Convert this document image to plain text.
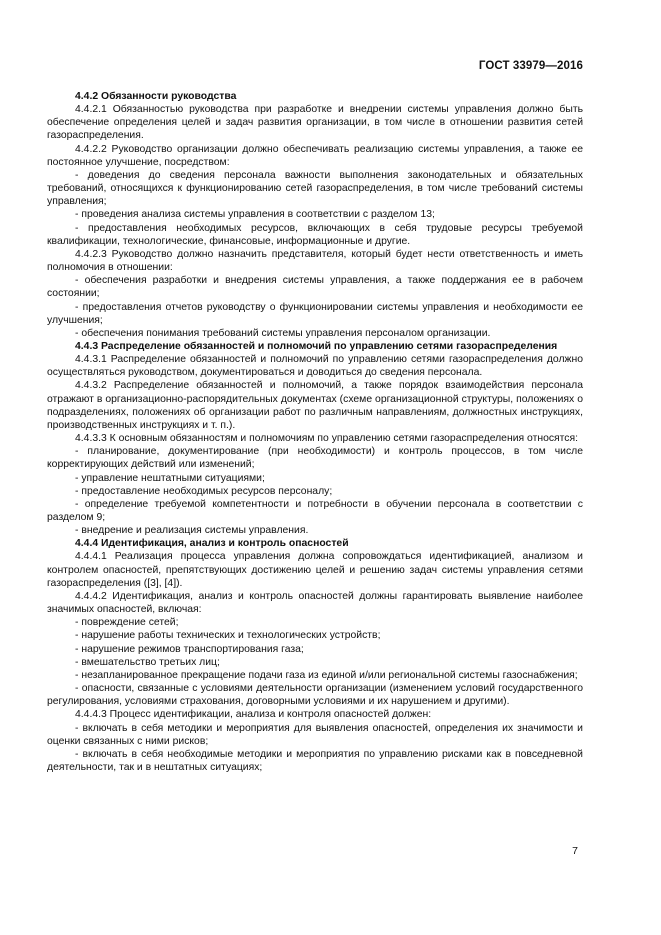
ГОСТ 33979—2016

4.4.2 Обязанности руководства

4.4.2.1 Обязанностью руководства при разработке и внедрении системы управления должно быть обеспечение определения целей и задач развития организации, в том числе в отношении развития сетей газораспределения.

4.4.2.2 Руководство организации должно обеспечивать реализацию системы управления, а также ее постоянное улучшение, посредством:

- доведения до сведения персонала важности выполнения законодательных и обязательных требований, относящихся к функционированию сетей газораспределения, в том числе требований системы управления;

- проведения анализа системы управления в соответствии с разделом 13;

- предоставления необходимых ресурсов, включающих в себя трудовые ресурсы требуемой квалификации, технологические, финансовые, информационные и другие.

4.4.2.3 Руководство должно назначить представителя, который будет нести ответственность и иметь полномочия в отношении:

- обеспечения разработки и внедрения системы управления, а также поддержания ее в рабочем состоянии;

- предоставления отчетов руководству о функционировании системы управления и необходимости ее улучшения;

- обеспечения понимания требований системы управления персоналом организации.

4.4.3 Распределение обязанностей и полномочий по управлению сетями газораспределения

4.4.3.1 Распределение обязанностей и полномочий по управлению сетями газораспределения должно осуществляться руководством, документироваться и доводиться до сведения персонала.

4.4.3.2 Распределение обязанностей и полномочий, а также порядок взаимодействия персонала отражают в организационно-распорядительных документах (схеме организационной структуры, положениях о подразделениях, положениях об организации работ по различным направлениям, должностных инструкциях, производственных инструкциях и т. п.).

4.4.3.3 К основным обязанностям и полномочиям по управлению сетями газораспределения относятся:

- планирование, документирование (при необходимости) и контроль процессов, в том числе корректирующих действий или изменений;

- управление нештатными ситуациями;

- предоставление необходимых ресурсов персоналу;

- определение требуемой компетентности и потребности в обучении персонала в соответствии с разделом 9;

- внедрение и реализация системы управления.

4.4.4 Идентификация, анализ и контроль опасностей

4.4.4.1 Реализация процесса управления должна сопровождаться идентификацией, анализом и контролем опасностей, препятствующих достижению целей и решению задач системы управления сетями газораспределения ([3], [4]).

4.4.4.2 Идентификация, анализ и контроль опасностей должны гарантировать выявление наиболее значимых опасностей, включая:

- повреждение сетей;

- нарушение работы технических и технологических устройств;

- нарушение режимов транспортирования газа;

- вмешательство третьих лиц;

- незапланированное прекращение подачи газа из единой и/или региональной системы газоснабжения;

- опасности, связанные с условиями деятельности организации (изменением условий государственного регулирования, условиями страхования, договорными условиями и их нарушением и другими).

4.4.4.3 Процесс идентификации, анализа и контроля опасностей должен:

- включать в себя методики и мероприятия для выявления опасностей, определения их значимости и оценки связанных с ними рисков;

- включать в себя необходимые методики и мероприятия по управлению рисками как в повседневной деятельности, так и в нештатных ситуациях;

7
